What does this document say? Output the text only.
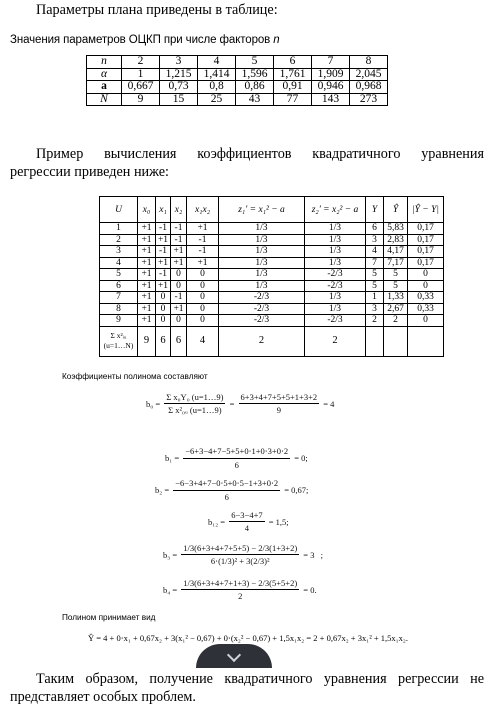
Параметры плана приведены в таблице:
Значения параметров ОЦКП при числе факторов n
n	2	3	4	5	6	7	8
α	1	1,215	1,414	1,596	1,761	1,909	2,045
a	0,667	0,73	0,8	0,86	0,91	0,946	0,968
N	9	15	25	43	77	143	273
Пример вычисления коэффициентов квадратичного уравнения
регрессии приведен ниже:
U	x₀	x₁	x₂	x₁x₂	z₁′ = x₁² − a	z₂′ = x₂² − a	Y	Ŷ	|Ŷ − Y|
1	+1	-1	-1	+1	1/3	1/3	6	5,83	0,17
2	+1	+1	-1	-1	1/3	1/3	3	2,83	0,17
3	+1	-1	+1	-1	1/3	1/3	4	4,17	0,17
4	+1	+1	+1	+1	1/3	1/3	7	7,17	0,17
5	+1	-1	0	0	1/3	-2/3	5	5	0
6	+1	+1	0	0	1/3	-2/3	5	5	0
7	+1	0	-1	0	-2/3	1/3	1	1,33	0,33
8	+1	0	+1	0	-2/3	1/3	3	2,67	0,33
9	+1	0	0	0	-2/3	-2/3	2	2	0
Σ x²ᵢᵤ (u=1…N)	9	6	6	4	2	2			
Коэффициенты полинома составляют
$b_0 = \frac{\text{Σ x₀Y₀ (u=1…9)}}{\text{Σ x²₀ᵤ (u=1…9)}} = \frac{6+3+4+7+5+5+1+3+2}{9} = 4$
$b_1 = \frac{-6+3-4+7-5+5+0\cdot 1+0\cdot 3+0\cdot 2}{6} = 0$;
$b_2 = \frac{-6-3+4+7-0\cdot 5+0\cdot 5-1+3+0\cdot 2}{6} = 0,67$;
$b_{12} = \frac{6-3-4+7}{4} = 1,5$;
$b_3 = \frac{1/3(6+3+4+7+5+5) - 2/3(1+3+2)}{\text{6⋅(1/3)² + 3(2/3)²}} = 3$ ;
$b_4 = \frac{1/3(6+3+4+7+1+3) - 2/3(5+5+2)}{2} = 0$.
Полином принимает вид
Ŷ = 4 + 0⋅x₁ + 0,67x₂ + 3(x₁² − 0,67) + 0⋅(x₂² − 0,67) + 1,5x₁x₂ = 2 + 0,67x₂ + 3x₁² + 1,5x₁x₂.
Таким образом, получение квадратичного уравнения регрессии не
представляет особых проблем.
